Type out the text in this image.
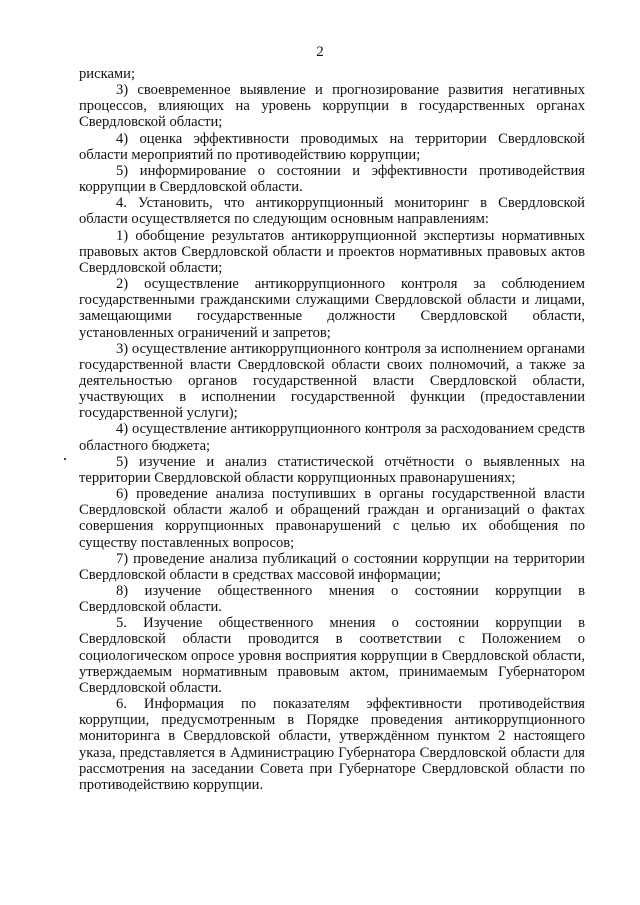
2

рисками;

3) своевременное выявление и прогнозирование развития негативных процессов, влияющих на уровень коррупции в государственных органах Свердловской области;

4) оценка эффективности проводимых на территории Свердловской области мероприятий по противодействию коррупции;

5) информирование о состоянии и эффективности противодействия коррупции в Свердловской области.

4. Установить, что антикоррупционный мониторинг в Свердловской области осуществляется по следующим основным направлениям:

1) обобщение результатов антикоррупционной экспертизы нормативных правовых актов Свердловской области и проектов нормативных правовых актов Свердловской области;

2) осуществление антикоррупционного контроля за соблюдением государственными гражданскими служащими Свердловской области и лицами, замещающими государственные должности Свердловской области, установленных ограничений и запретов;

3) осуществление антикоррупционного контроля за исполнением органами государственной власти Свердловской области своих полномочий, а также за деятельностью органов государственной власти Свердловской области, участвующих в исполнении государственной функции (предоставлении государственной услуги);

4) осуществление антикоррупционного контроля за расходованием средств областного бюджета;

5) изучение и анализ статистической отчётности о выявленных на территории Свердловской области коррупционных правонарушениях;

6) проведение анализа поступивших в органы государственной власти Свердловской области жалоб и обращений граждан и организаций о фактах совершения коррупционных правонарушений с целью их обобщения по существу поставленных вопросов;

7) проведение анализа публикаций о состоянии коррупции на территории Свердловской области в средствах массовой информации;

8) изучение общественного мнения о состоянии коррупции в Свердловской области.

5. Изучение общественного мнения о состоянии коррупции в Свердловской области проводится в соответствии с Положением о социологическом опросе уровня восприятия коррупции в Свердловской области, утверждаемым нормативным правовым актом, принимаемым Губернатором Свердловской области.

6. Информация по показателям эффективности противодействия коррупции, предусмотренным в Порядке проведения антикоррупционного мониторинга в Свердловской области, утверждённом пунктом 2 настоящего указа, представляется в Администрацию Губернатора Свердловской области для рассмотрения на заседании Совета при Губернаторе Свердловской области по противодействию коррупции.
